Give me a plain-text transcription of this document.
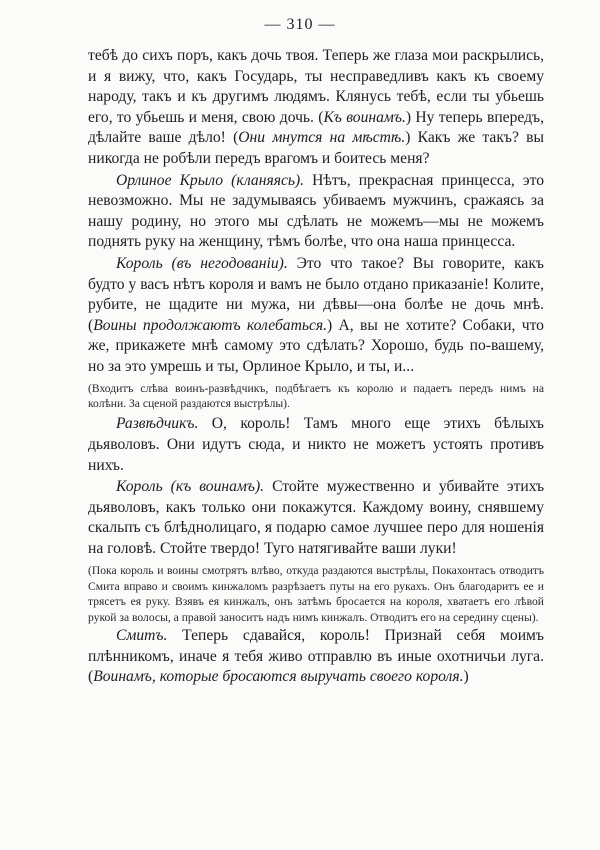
— 310 —

тебѣ до сихъ поръ, какъ дочь твоя. Теперь же глаза мои раскрылись, и я вижу, что, какъ Государь, ты несправедливъ какъ къ своему народу, такъ и къ другимъ людямъ. Клянусь тебѣ, если ты убьешь его, то убьешь и меня, свою дочь. (Къ воинамъ.) Ну теперь впередъ, дѣлайте ваше дѣло! (Они мнутся на мѣстѣ.) Какъ же такъ? вы никогда не робѣли передъ врагомъ и боитесь меня?

Орлиное Крыло (кланяясь). Нѣтъ, прекрасная принцесса, это невозможно. Мы не задумываясь убиваемъ мужчинъ, сражаясь за нашу родину, но этого мы сдѣлать не можемъ—мы не можемъ поднять руку на женщину, тѣмъ болѣе, что она наша принцесса.

Король (въ негодованiи). Это что такое? Вы говорите, какъ будто у васъ нѣтъ короля и вамъ не было отдано приказанiе! Колите, рубите, не щадите ни мужа, ни дѣвы—она болѣе не дочь мнѣ. (Воины продолжаютъ колебаться.) А, вы не хотите? Собаки, что же, прикажете мнѣ самому это сдѣлать? Хорошо, будь по-вашему, но за это умрешь и ты, Орлиное Крыло, и ты, и...

(Входитъ слѣва воинъ-развѣдчикъ, подбѣгаетъ къ королю и падаетъ передъ нимъ на колѣни. За сценой раздаются выстрѣлы).

Развѣдчикъ. О, король! Тамъ много еще этихъ бѣлыхъ дьяволовъ. Они идутъ сюда, и никто не можетъ устоять противъ нихъ.

Король (къ воинамъ). Стойте мужественно и убивайте этихъ дьяволовъ, какъ только они покажутся. Каждому воину, снявшему скальпъ съ блѣднолицаго, я подарю самое лучшее перо для ношенiя на головѣ. Стойте твердо! Туго натягивайте ваши луки!

(Пока король и воины смотрятъ влѣво, откуда раздаются выстрѣлы, Покахонтасъ отводитъ Смита вправо и своимъ кинжаломъ разрѣзаетъ путы на его рукахъ. Онъ благодаритъ ее и трясетъ ея руку. Взявъ ея кинжалъ, онъ затѣмъ бросается на короля, хватаетъ его лѣвой рукой за волосы, а правой заноситъ надъ нимъ кинжалъ. Отводитъ его на середину сцены).

Смитъ. Теперь сдавайся, король! Признай себя моимъ плѣнникомъ, иначе я тебя живо отправлю въ иные охотничьи луга. (Воинамъ, которые бросаются выручать своего короля.)
